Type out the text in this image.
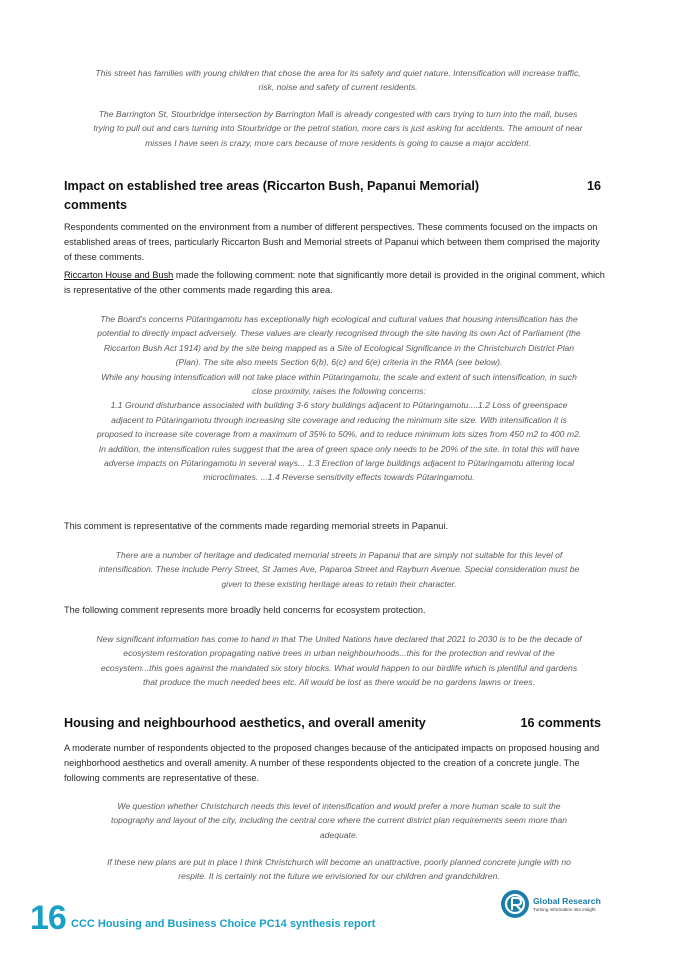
This street has families with young children that chose the area for its safety and quiet nature. Intensification will increase traffic, risk, noise and safety of current residents.

The Barrington St, Stourbridge intersection by Barrington Mall is already congested with cars trying to turn into the mall, buses trying to pull out and cars turning into Stourbridge or the petrol station, more cars is just asking for accidents. The amount of near misses I have seen is crazy, more cars because of more residents is going to cause a major accident.

Impact on established tree areas (Riccarton Bush, Papanui Memorial) comments
16

Respondents commented on the environment from a number of different perspectives. These comments focused on the impacts on established areas of trees, particularly Riccarton Bush and Memorial streets of Papanui which between them comprised the majority of these comments.

Riccarton House and Bush made the following comment: note that significantly more detail is provided in the original comment, which is representative of the other comments made regarding this area.

The Board's concerns Pūtaringamotu has exceptionally high ecological and cultural values that housing intensification has the potential to directly impact adversely. These values are clearly recognised through the site having its own Act of Parliament (the Riccarton Bush Act 1914) and by the site being mapped as a Site of Ecological Significance in the Christchurch District Plan (Plan). The site also meets Section 6(b), 6(c) and 6(e) criteria in the RMA (see below).

While any housing intensification will not take place within Pūtaringamotu, the scale and extent of such intensification, in such close proximity, raises the following concerns:

1.1 Ground disturbance associated with building 3-6 story buildings adjacent to Pūtaringamotu....1.2 Loss of greenspace adjacent to Pūtaringamotu through increasing site coverage and reducing the minimum site size. With intensification it is proposed to increase site coverage from a maximum of 35% to 50%, and to reduce minimum lots sizes from 450 m2 to 400 m2. In addition, the intensification rules suggest that the area of green space only needs to be 20% of the site. In total this will have adverse impacts on Pūtaringamotu in several ways... 1.3 Erection of large buildings adjacent to Pūtaringamotu altering local microclimates. ...1.4 Reverse sensitivity effects towards Pūtaringamotu.

This comment is representative of the comments made regarding memorial streets in Papanui.

There are a number of heritage and dedicated memorial streets in Papanui that are simply not suitable for this level of intensification. These include Perry Street, St James Ave, Paparoa Street and Rayburn Avenue. Special consideration must be given to these existing heritage areas to retain their character.

The following comment represents more broadly held concerns for ecosystem protection.

New significant information has come to hand in that The United Nations have declared that 2021 to 2030 is to be the decade of ecosystem restoration propagating native trees in urban neighbourhoods...this for the protection and revival of the ecosystem...this goes against the mandated six story blocks. What would happen to our birdlife which is plentiful and gardens that produce the much needed bees etc. All would be lost as there would be no gardens lawns or trees.

Housing and neighbourhood aesthetics, and overall amenity	16 comments

A moderate number of respondents objected to the proposed changes because of the anticipated impacts on proposed housing and neighborhood aesthetics and overall amenity. A number of these respondents objected to the creation of a concrete jungle. The following comments are representative of these.

We question whether Christchurch needs this level of intensification and would prefer a more human scale to suit the topography and layout of the city, including the central core where the current district plan requirements seem more than adequate.

If these new plans are put in place I think Christchurch will become an unattractive, poorly planned concrete jungle with no respite. It is certainly not the future we envisioned for our children and grandchildren.

Global Research
Turning information into insight
16 CCC Housing and Business Choice PC14 synthesis report
